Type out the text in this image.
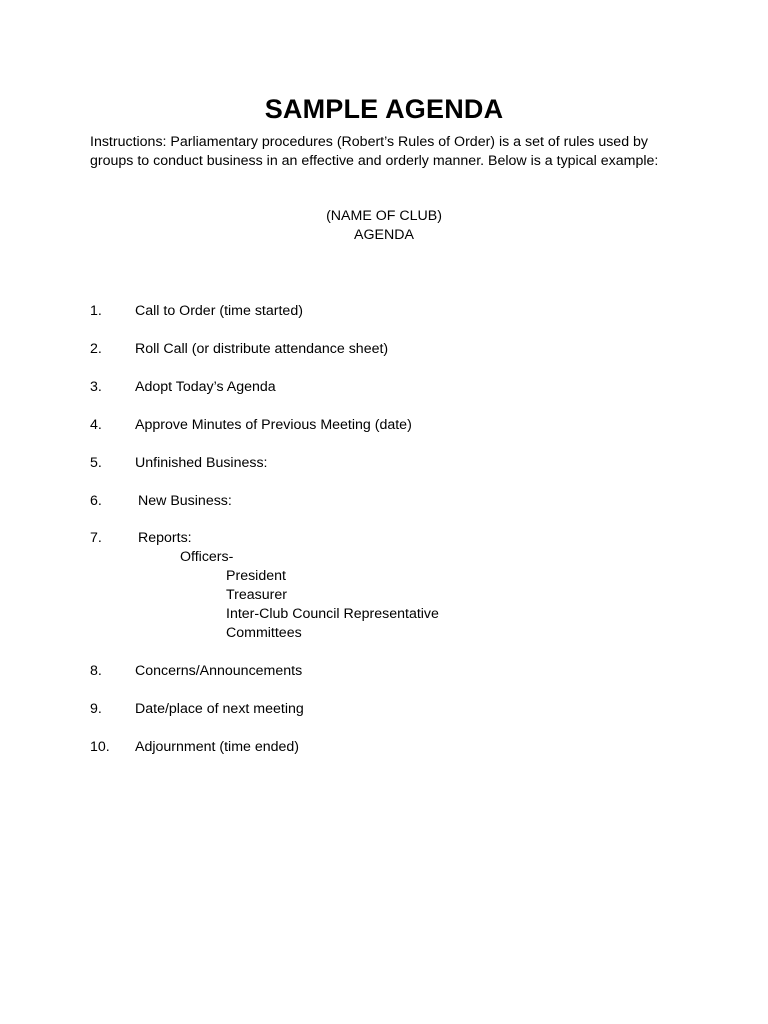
SAMPLE AGENDA
Instructions: Parliamentary procedures (Robert’s Rules of Order) is a set of rules used by
groups to conduct business in an effective and orderly manner. Below is a typical example:
(NAME OF CLUB)
AGENDA
1. Call to Order (time started)
2. Roll Call (or distribute attendance sheet)
3. Adopt Today’s Agenda
4. Approve Minutes of Previous Meeting (date)
5. Unfinished Business:
6.	New Business:
7.	Reports:
Officers-
President
Treasurer
Inter-Club Council Representative
Committees
8. Concerns/Announcements
9. Date/place of next meeting
10. Adjournment (time ended)
